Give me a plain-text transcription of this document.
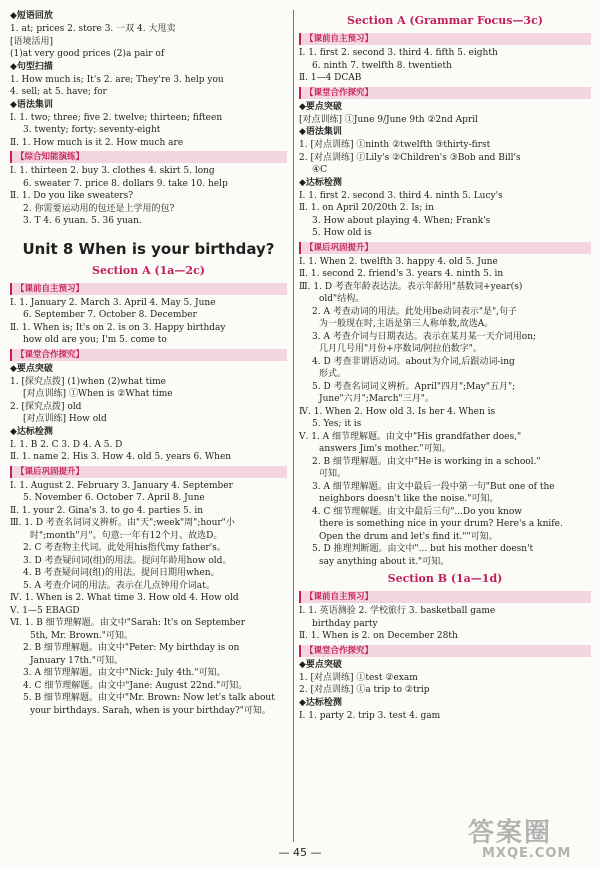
◆短语回放
1. at; prices 2. store 3. 一双 4. 大甩卖
[语境活用]
(1)at very good prices (2)a pair of
◆句型扫描
1. How much is; It's 2. are; They're 3. help you
4. sell; at 5. have; for
◆语法集训
Ⅰ. 1. two; three; five 2. twelve; thirteen; fifteen
3. twenty; forty; seventy-eight
Ⅱ. 1. How much is it 2. How much are
【综合知能演练】
Ⅰ. 1. thirteen 2. buy 3. clothes 4. skirt 5. long
6. sweater 7. price 8. dollars 9. take 10. help
Ⅱ. 1. Do you like sweaters?
2. 你需要运动用的包还是上学用的包?
3. T 4. 6 yuan. 5. 36 yuan.
Unit 8 When is your birthday?
Section A (1a—2c)
【课前自主预习】
Ⅰ. 1. January 2. March 3. April 4. May 5. June
6. September 7. October 8. December
Ⅱ. 1. When is; It's on 2. is on 3. Happy birthday
how old are you; I'm 5. come to
【课堂合作探究】
◆要点突破
1. [探究点拨] (1)when (2)what time
[对点训练] ①When is ②What time
2. [探究点拨] old
[对点训练] How old
◆达标检测
Ⅰ. 1. B 2. C 3. D 4. A 5. D
Ⅱ. 1. name 2. His 3. How 4. old 5. years 6. When
【课后巩固提升】
Ⅰ. 1. August 2. February 3. January 4. September
5. November 6. October 7. April 8. June
Ⅱ. 1. your 2. Gina's 3. to go 4. parties 5. in
Ⅲ. 1. D 考查名词词义辨析。由"天";week"周";hour"小
时";month"月"。句意:一年有12个月。故选D。
2. C 考查物主代词。此处用his指代my father's。
3. D 考查疑问词(组)的用法。提问年龄用how old。
4. B 考查疑问词(组)的用法。提问日期用when。
5. A 考查介词的用法。表示在几点钟用介词at。
Ⅳ. 1. When is 2. What time 3. How old 4. How old
Ⅴ. 1—5 EBAGD
Ⅵ. 1. B 细节理解题。由文中"Sarah: It's on September
5th, Mr. Brown."可知。
2. B 细节理解题。由文中"Peter: My birthday is on
January 17th."可知。
3. A 细节理解题。由文中"Nick: July 4th."可知。
4. C 细节理解题。由文中"Jane: August 22nd."可知。
5. B 细节理解题。由文中"Mr. Brown: Now let's talk about
your birthdays. Sarah, when is your birthday?"可知。
Section A (Grammar Focus—3c)
【课前自主预习】
Ⅰ. 1. first 2. second 3. third 4. fifth 5. eighth
6. ninth 7. twelfth 8. twentieth
Ⅱ. 1—4 DCAB
【课堂合作探究】
◆要点突破
[对点训练] ①June 9/June 9th ②2nd April
◆语法集训
1. [对点训练] ①ninth ②twelfth ③thirty-first
2. [对点训练] ①Lily's ②Children's ③Bob and Bill's
④C
◆达标检测
Ⅰ. 1. first 2. second 3. third 4. ninth 5. Lucy's
Ⅱ. 1. on April 20/20th 2. Is; in
3. How about playing 4. When; Frank's
5. How old is
【课后巩固提升】
Ⅰ. 1. When 2. twelfth 3. happy 4. old 5. June
Ⅱ. 1. second 2. friend's 3. years 4. ninth 5. in
Ⅲ. 1. D 考查年龄表达法。表示年龄用"基数词+year(s)
old"结构。
2. A 考查动词的用法。此处用be动词表示"是",句子
为一般现在时,主语是第三人称单数,故选A。
3. A 考查介词与日期表达。表示在某月某一天介词用on;
几月几号用"月份+序数词/阿拉伯数字"。
4. D 考查非谓语动词。about为介词,后跟动词-ing
形式。
5. D 考查名词词义辨析。April"四月";May"五月";
June"六月";March"三月"。
Ⅳ. 1. When 2. How old 3. Is her 4. When is
5. Yes; it is
Ⅴ. 1. A 细节理解题。由文中"His grandfather does,"
answers Jim's mother."可知。
2. B 细节理解题。由文中"He is working in a school."
可知。
3. A 细节理解题。由文中最后一段中第一句"But one of the
neighbors doesn't like the noise."可知。
4. C 细节理解题。由文中最后三句"...Do you know
there is something nice in your drum? Here's a knife.
Open the drum and let's find it.""可知。
5. D 推理判断题。由文中"... but his mother doesn't
say anything about it."可知。
Section B (1a—1d)
【课前自主预习】
Ⅰ. 1. 英语测验 2. 学校旅行 3. basketball game
birthday party
Ⅱ. 1. When is 2. on December 28th
【课堂合作探究】
◆要点突破
1. [对点训练] ①test ②exam
2. [对点训练] ①a trip to ②trip
◆达标检测
Ⅰ. 1. party 2. trip 3. test 4. gam
— 45 —
答案圈
MXQE.COM
